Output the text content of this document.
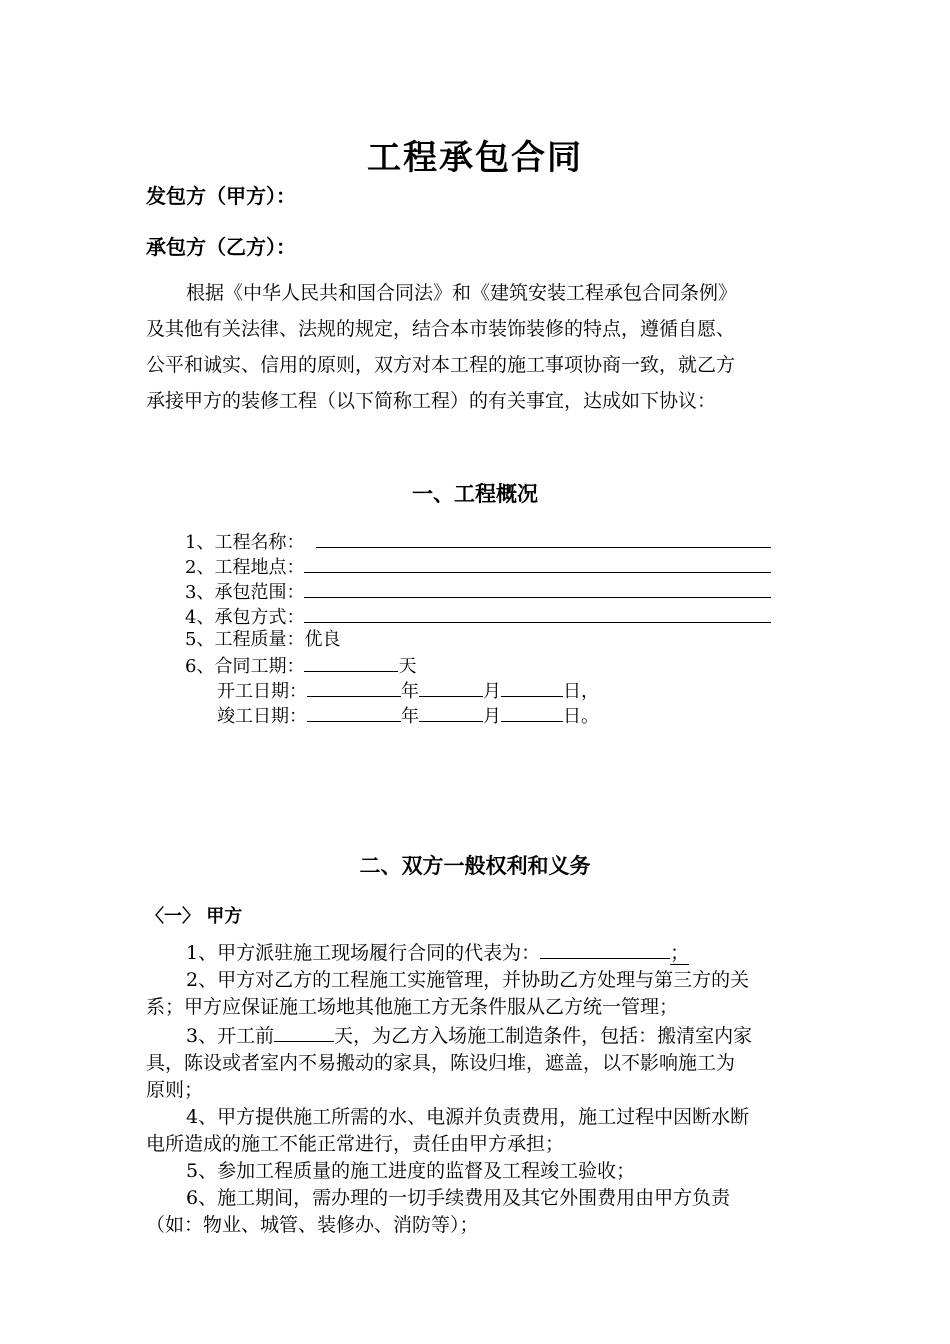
工程承包合同
发包方（甲方）：
承包方（乙方）：
根据《中华人民共和国合同法》和《建筑安装工程承包合同条例》
及其他有关法律、法规的规定，结合本市装饰装修的特点，遵循自愿、
公平和诚实、信用的原则，双方对本工程的施工事项协商一致，就乙方
承接甲方的装修工程（以下简称工程）的有关事宜，达成如下协议：
一、工程概况
1、工程名称：
2、工程地点：
3、承包范围：
4、承包方式：
5、工程质量：优良
6、合同工期：	天
开工日期：	年	月	日，
竣工日期：	年	月	日。
二、双方一般权利和义务
〈一〉 甲方
1、甲方派驻施工现场履行合同的代表为：	；
2、甲方对乙方的工程施工实施管理，并协助乙方处理与第三方的关
系；甲方应保证施工场地其他施工方无条件服从乙方统一管理；
3、开工前	天，为乙方入场施工制造条件，包括：搬清室内家
具，陈设或者室内不易搬动的家具，陈设归堆，遮盖，以不影响施工为
原则；
4、甲方提供施工所需的水、电源并负责费用，施工过程中因断水断
电所造成的施工不能正常进行，责任由甲方承担；
5、参加工程质量的施工进度的监督及工程竣工验收；
6、施工期间，需办理的一切手续费用及其它外围费用由甲方负责
（如：物业、城管、装修办、消防等）；
